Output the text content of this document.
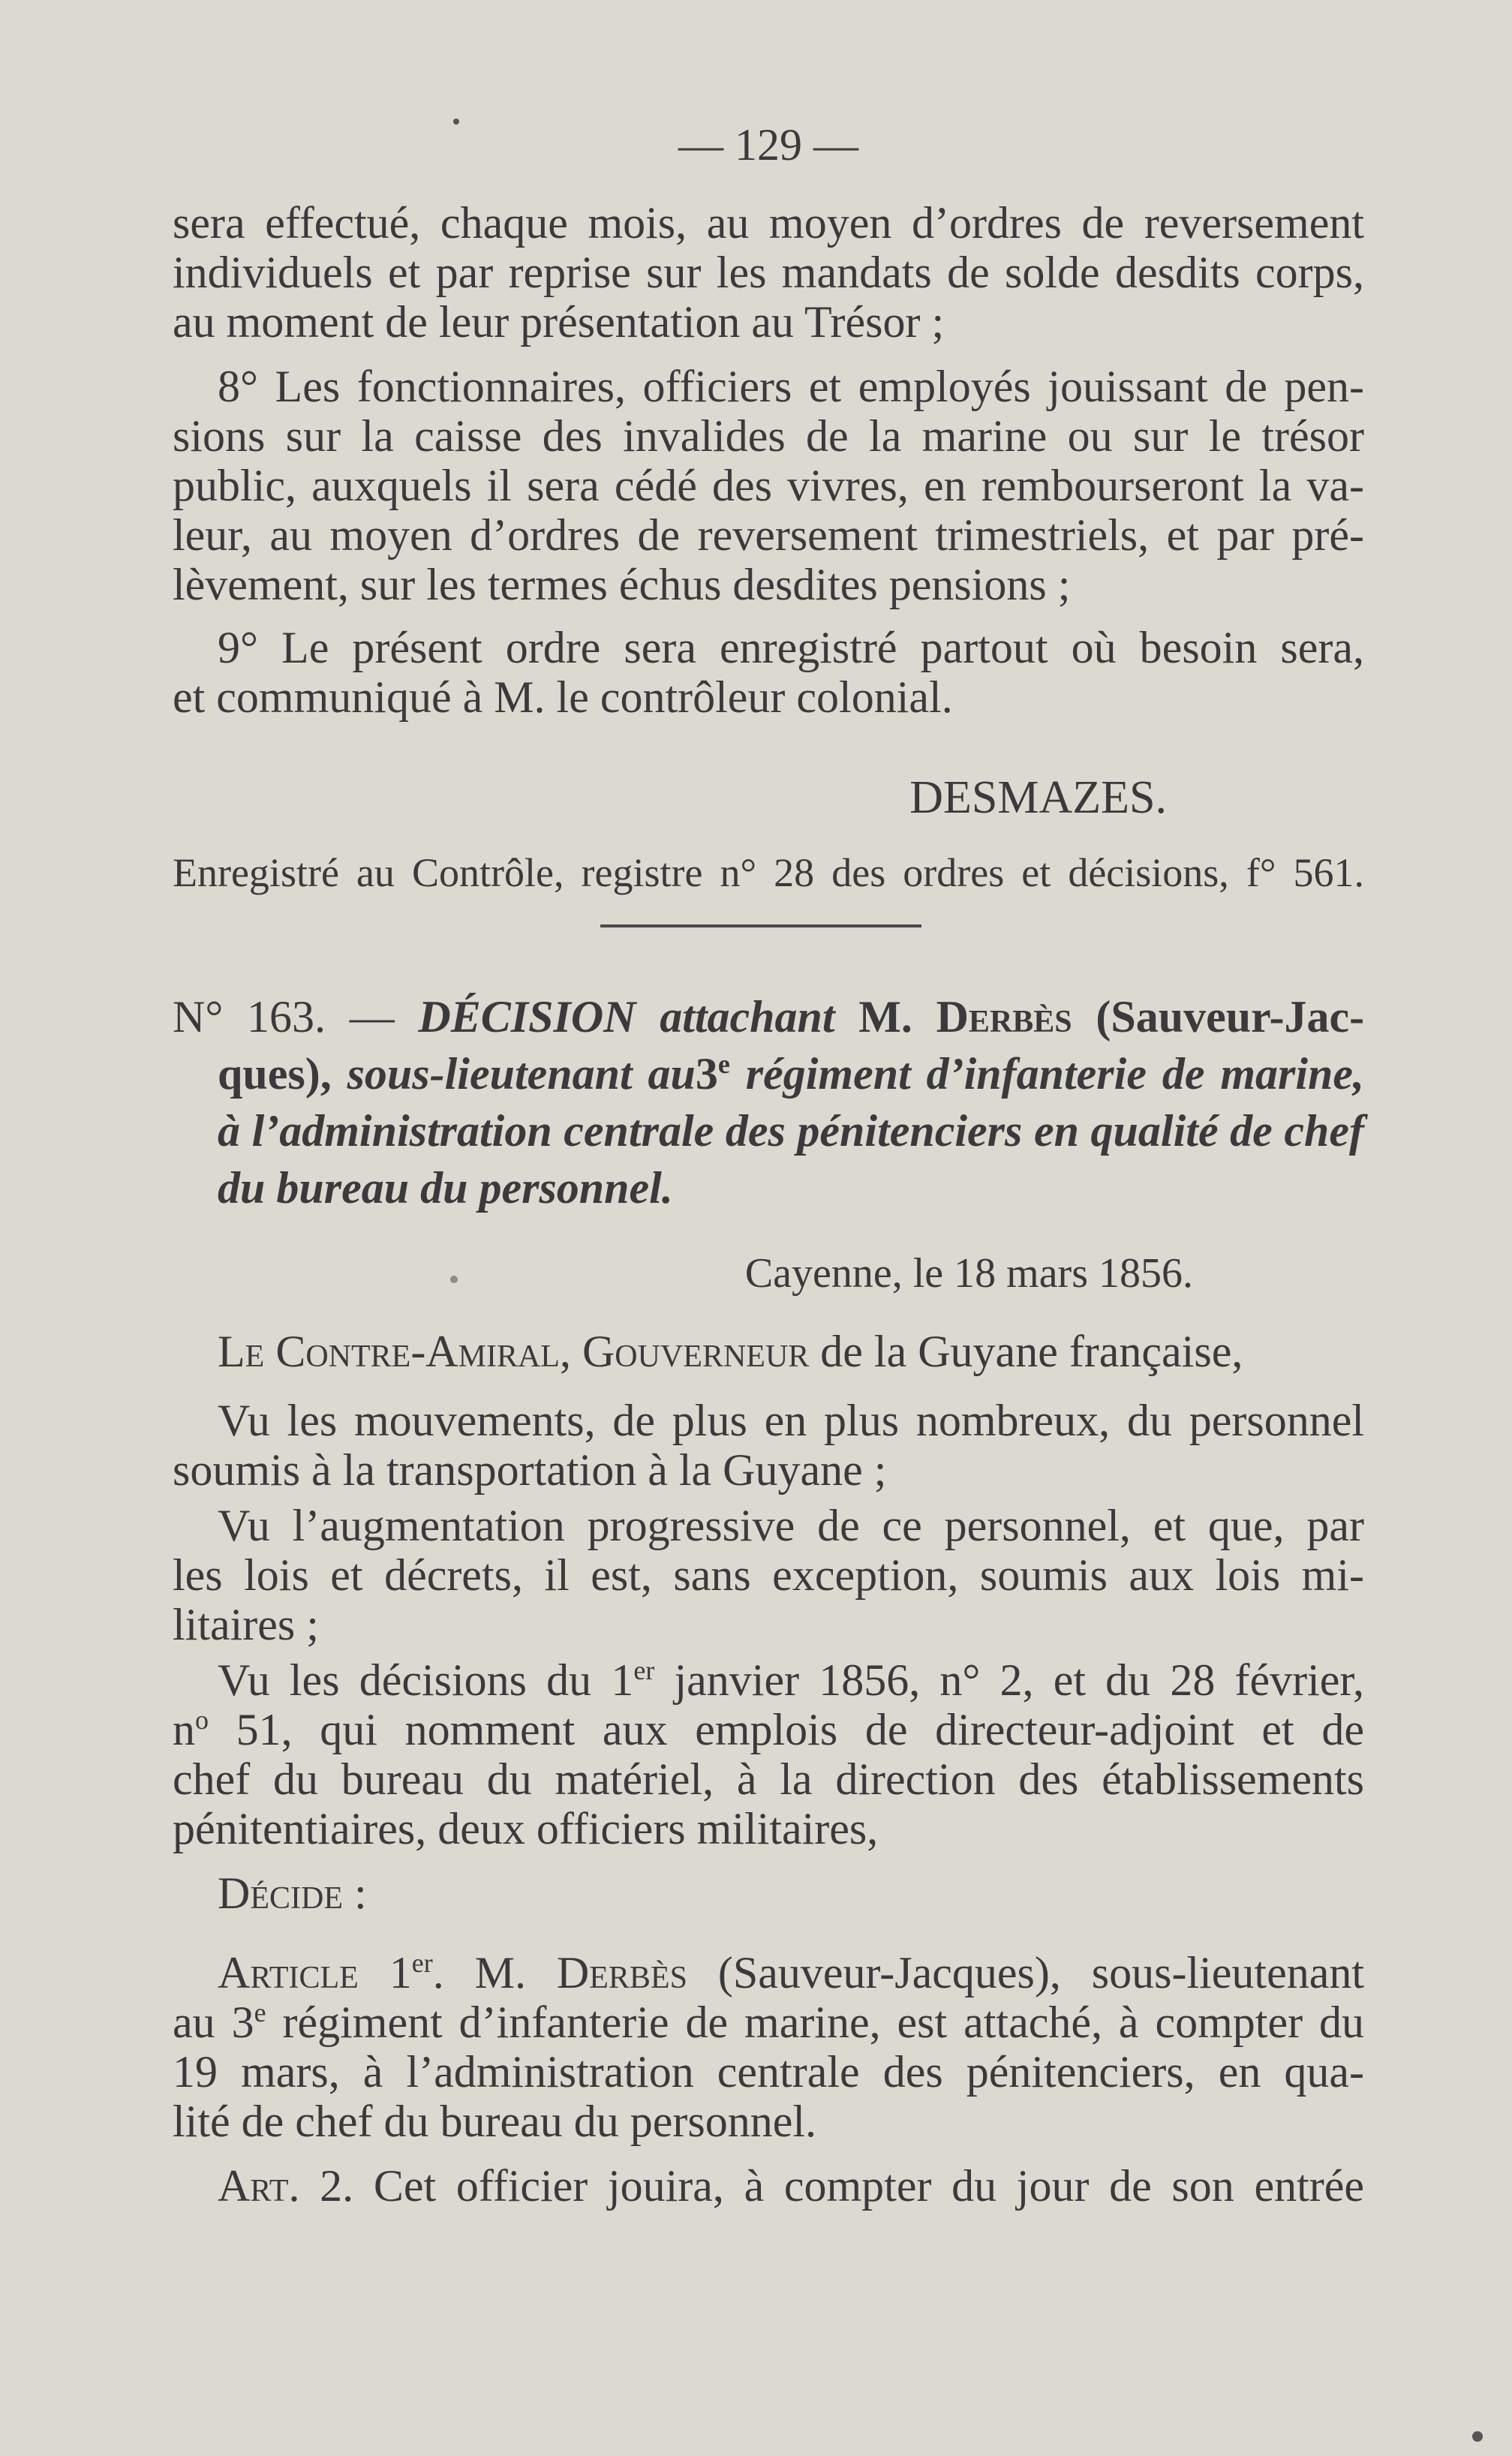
— 129 —
sera effectué, chaque mois, au moyen d’ordres de reversement
individuels et par reprise sur les mandats de solde desdits corps,
au moment de leur présentation au Trésor ;
8° Les fonctionnaires, officiers et employés jouissant de pen-
sions sur la caisse des invalides de la marine ou sur le trésor
public, auxquels il sera cédé des vivres, en rembourseront la va-
leur, au moyen d’ordres de reversement trimestriels, et par pré-
lèvement, sur les termes échus desdites pensions ;
9° Le présent ordre sera enregistré partout où besoin sera,
et communiqué à M. le contrôleur colonial.
DESMAZES.
Enregistré au Contrôle, registre n° 28 des ordres et décisions, f° 561.
N° 163. — DÉCISION attachant M. Derbès (Sauveur-Jac-
ques), sous-lieutenant au3e régiment d’infanterie de marine,
à l’administration centrale des pénitenciers en qualité de chef
du bureau du personnel.
Cayenne, le 18 mars 1856.
Le Contre-Amiral, Gouverneur de la Guyane française,
Vu les mouvements, de plus en plus nombreux, du personnel
soumis à la transportation à la Guyane ;
Vu l’augmentation progressive de ce personnel, et que, par
les lois et décrets, il est, sans exception, soumis aux lois mi-
litaires ;
Vu les décisions du 1er janvier 1856, n° 2, et du 28 février,
$n^o$ 51, qui nomment aux emplois de directeur-adjoint et de
chef du bureau du matériel, à la direction des établissements
pénitentiaires, deux officiers militaires,
Décide :
Article 1er. M. Derbès (Sauveur-Jacques), sous-lieutenant
au 3e régiment d’infanterie de marine, est attaché, à compter du
19 mars, à l’administration centrale des pénitenciers, en qua-
lité de chef du bureau du personnel.
Art. 2. Cet officier jouira, à compter du jour de son entrée
